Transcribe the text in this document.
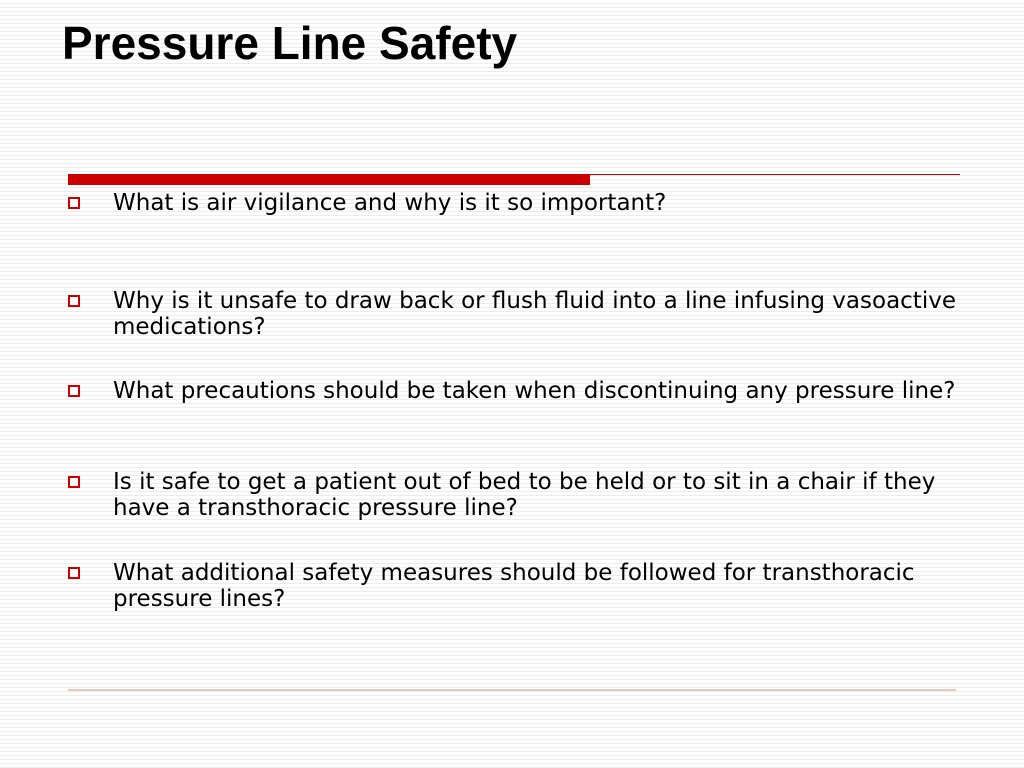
Pressure Line Safety
What is air vigilance and why is it so important?
Why is it unsafe to draw back or flush fluid into a line infusing vasoactive medications?
What precautions should be taken when discontinuing any pressure line?
Is it safe to get a patient out of bed to be held or to sit in a chair if they have a transthoracic pressure line?
What additional safety measures should be followed for transthoracic pressure lines?
